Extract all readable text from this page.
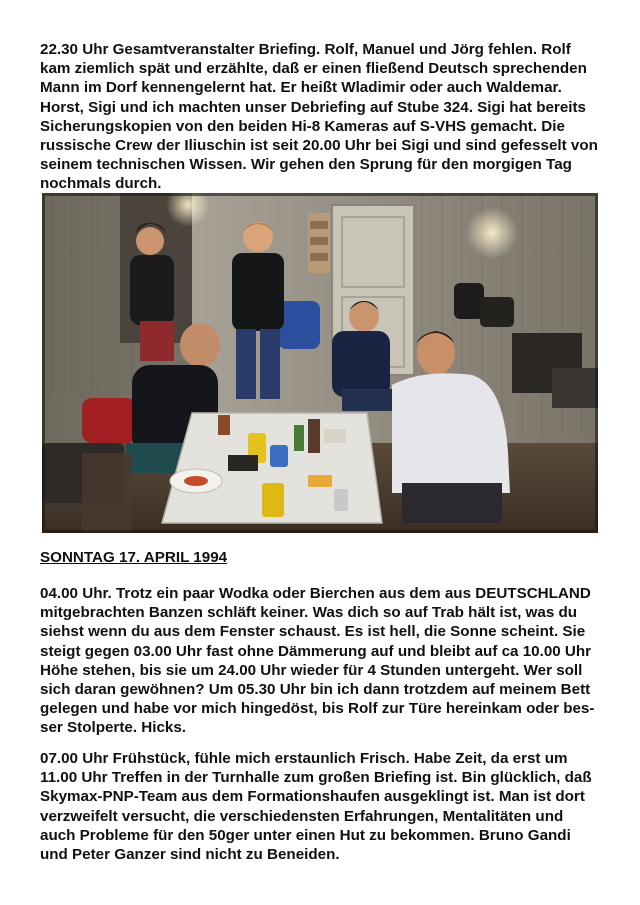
22.30 Uhr Gesamtveranstalter Briefing. Rolf, Manuel und Jörg fehlen. Rolf
kam ziemlich spät und erzählte, daß er einen fließend Deutsch sprechenden
Mann im Dorf kennengelernt hat. Er heißt Wladimir oder auch Waldemar.
Horst, Sigi und ich machten unser Debriefing auf Stube 324. Sigi hat bereits
Sicherungskopien von den beiden Hi-8 Kameras auf S-VHS gemacht. Die
russische Crew der Iliuschin ist seit 20.00 Uhr bei Sigi und sind gefesselt von
seinem technischen Wissen. Wir gehen den Sprung für den morgigen Tag
nochmals durch.

SONNTAG 17. APRIL 1994

04.00 Uhr. Trotz ein paar Wodka oder Bierchen aus dem aus DEUTSCHLAND
mitgebrachten Banzen schläft keiner. Was dich so auf Trab hält ist, was du
siehst wenn du aus dem Fenster schaust. Es ist hell, die Sonne scheint. Sie
steigt gegen 03.00 Uhr fast ohne Dämmerung auf und bleibt auf ca 10.00 Uhr
Höhe stehen, bis sie um 24.00 Uhr wieder für 4 Stunden untergeht. Wer soll
sich daran gewöhnen? Um 05.30 Uhr bin ich dann trotzdem auf meinem Bett
gelegen und habe vor mich hingedöst, bis Rolf zur Türe hereinkam oder bes-
ser Stolperte. Hicks.

07.00 Uhr Frühstück, fühle mich erstaunlich Frisch. Habe Zeit, da erst um
11.00 Uhr Treffen in der Turnhalle zum großen Briefing ist. Bin glücklich, daß
Skymax-PNP-Team aus dem Formationshaufen ausgeklingt ist. Man ist dort
verzweifelt versucht, die verschiedensten Erfahrungen, Mentalitäten und
auch Probleme für den 50ger unter einen Hut zu bekommen. Bruno Gandi
und Peter Ganzer sind nicht zu Beneiden.
